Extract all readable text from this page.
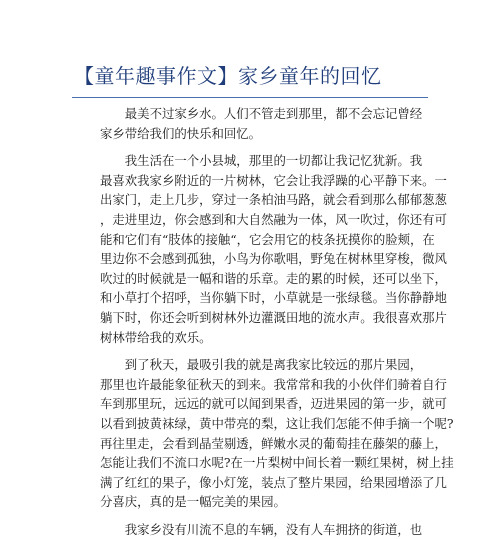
【童年趣事作文】家乡童年的回忆
最美不过家乡水。人们不管走到那里，都不会忘记曾经
家乡带给我们的快乐和回忆。
我生活在一个小县城，那里的一切都让我记忆犹新。我
最喜欢我家乡附近的一片树林，它会让我浮躁的心平静下来。一
出家门，走上几步，穿过一条柏油马路，就会看到那么郁郁葱葱
，走进里边，你会感到和大自然融为一体，风一吹过，你还有可
能和它们有“肢体的接触“，它会用它的枝条抚摸你的脸颊，在
里边你不会感到孤独，小鸟为你歌唱，野兔在树林里穿梭，微风
吹过的时候就是一幅和谐的乐章。走的累的时候，还可以坐下，
和小草打个招呼，当你躺下时，小草就是一张绿毯。当你静静地
躺下时，你还会听到树林外边灌溉田地的流水声。我很喜欢那片
树林带给我的欢乐。
到了秋天，最吸引我的就是离我家比较远的那片果园，
那里也许最能象征秋天的到来。我常常和我的小伙伴们骑着自行
车到那里玩，远远的就可以闻到果香，迈进果园的第一步，就可
以看到披黄袜绿，黄中带亮的梨，这让我们怎能不伸手摘一个呢?
再往里走，会看到晶莹剔透，鲜嫩水灵的葡萄挂在藤架的藤上，
怎能让我们不流口水呢?在一片梨树中间长着一颗红果树，树上挂
满了红红的果子，像小灯笼，装点了整片果园，给果园增添了几
分喜庆，真的是一幅完美的果园。
我家乡没有川流不息的车辆，没有人车拥挤的街道，也
